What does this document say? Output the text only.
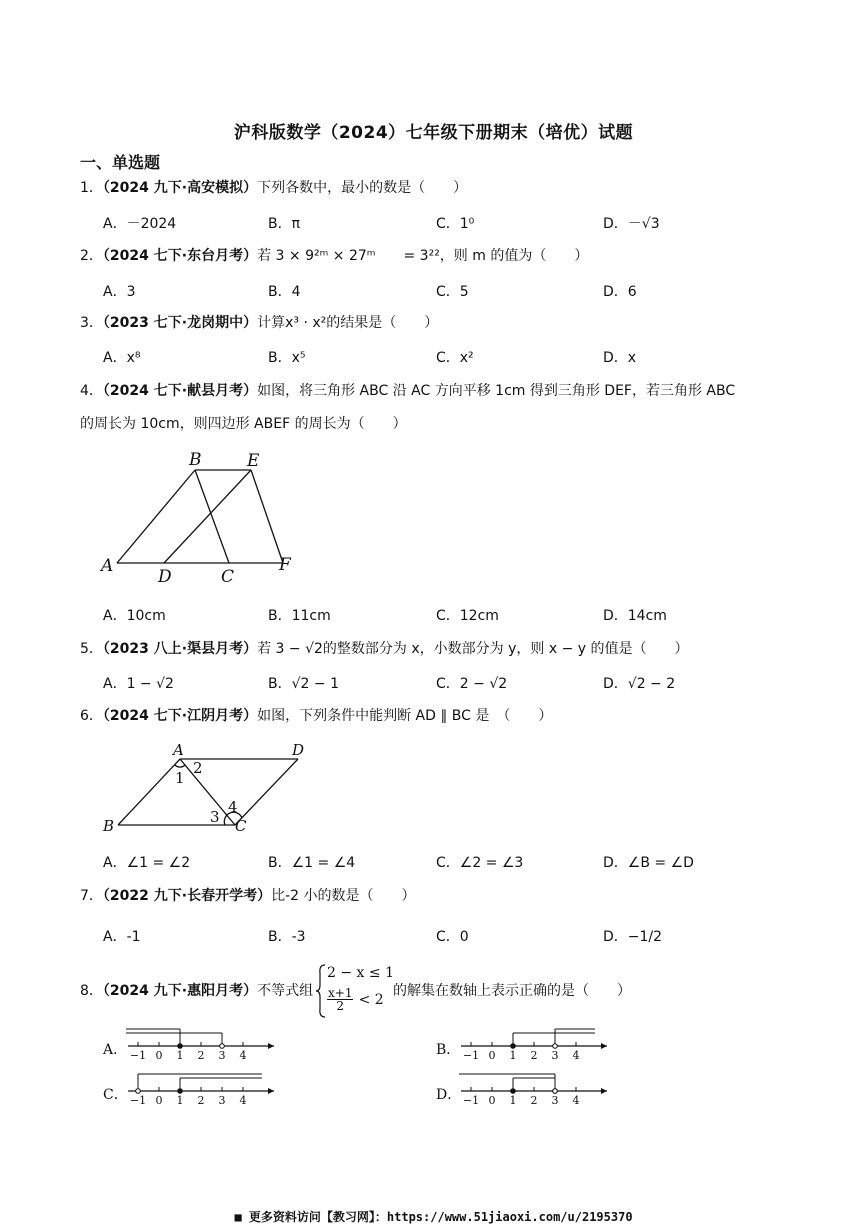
沪科版数学（2024）七年级下册期末（培优）试题
一、单选题
1．（2024 九下·高安模拟）下列各数中，最小的数是（　　）
A．－2024	B．π	C．1⁰	D．－√3
2．（2024 七下·东台月考）若 3 × 9²ᵐ × 27ᵐ　　= 3²²，则 m 的值为（　　）
A．3	B．4	C．5	D．6
3．（2023 七下·龙岗期中）计算x³ · x²的结果是（　　）
A．x⁸	B．x⁵	C．x²	D．x
4．（2024 七下·献县月考）如图，将三角形 ABC 沿 AC 方向平移 1cm 得到三角形 DEF，若三角形 ABC
的周长为 10cm，则四边形 ABEF 的周长为（　　）
B	E
A
D	C
F
A．10cm	B．11cm	C．12cm	D．14cm
5．（2023 八上·渠县月考）若 3 − √2的整数部分为 x，小数部分为 y，则 x − y 的值是（　　）
A．1 − √2	B．√2 − 1	C．2 − √2	D．√2 − 2
6．（2024 七下·江阴月考）如图，下列条件中能判断 AD ∥ BC 是　（　　）
A	D
1
2
3
4
B	C
A．∠1 = ∠2	B．∠1 = ∠4	C．∠2 = ∠3	D．∠B = ∠D
7．（2022 九下·长春开学考）比-2 小的数是（　　）
A．-1	B．-3	C．0	D．−1/2
8．（2024 九下·惠阳月考）不等式组
2 − x ≤ 1
$\frac{x+1}{2} < 2$
的解集在数轴上表示正确的是（　　）
A． −1 0 1 2 3 4	B． −1 0 1 2 3 4
C． −1 0 1 2 3 4	D． −1 0 1 2 3 4
■ 更多资料访问【教习网】：https://www.51jiaoxi.com/u/2195370
